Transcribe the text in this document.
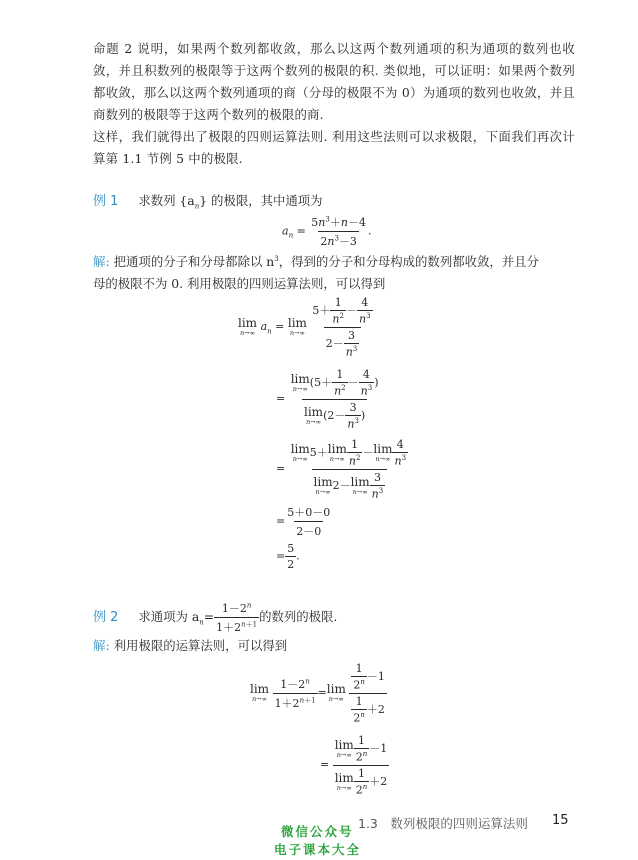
命题 2 说明，如果两个数列都收敛，那么以这两个数列通项的积为通项的数列也收敛，并且积数列的极限等于这两个数列的极限的积. 类似地，可以证明：如果两个数列都收敛，那么以这两个数列通项的商（分母的极限不为 0）为通项的数列也收敛，并且商数列的极限等于这两个数列的极限的商.
这样，我们就得出了极限的四则运算法则. 利用这些法则可以求极限，下面我们再次计算第 1.1 节例 5 中的极限.
例 1 求数列 $\{a_n\}$ 的极限，其中通项为
$a_n = \frac{5n^3+n-4}{2n^3-3}$ .
解: 把通项的分子和分母都除以 $n^3$，得到的分子和分母构成的数列都收敛，并且分
母的极限不为 0. 利用极限的四则运算法则，可以得到
lim
n→∞
$a_n = \lim$
n→∞
$\frac{5+ \frac{1}{n^2} - \frac{4}{n^3}}{2- \frac{3}{n^3}}$
= lim
n→∞
($5+ \frac{1}{n^2} - \frac{4}{n^3}$ )
lim
n→∞
($2- \frac{3}{n^3}$ )
= lim
n→∞
5＋ lim
$n\to\infty \frac{1}{n^2} - \lim$
$n\to\infty \frac{4}{n^3}$
lim
n→∞
2－ lim
$n\to\infty \frac{3}{n^3}$
= $\frac{5+0-0}{2-0}$
= $\frac{5}{2}$ .
例 2 求通项为 $a_n= \frac{1-2^n}{1+2^{n+1}}$ 的数列的极限.
解: 利用极限的运算法则，可以得到
lim
n→∞
$\frac{1-2^n}{1+2^{n+1}} = \lim$
n→∞
$\frac{\frac{1}{2^n} -1}{\frac{1}{2^n} +2}$
= lim
$n\to\infty \frac{1}{2^n} -1$
lim
$n\to\infty \frac{1}{2^n} +2$
1.3　数列极限的四则运算法则 15
微信公众号
电子课本大全
